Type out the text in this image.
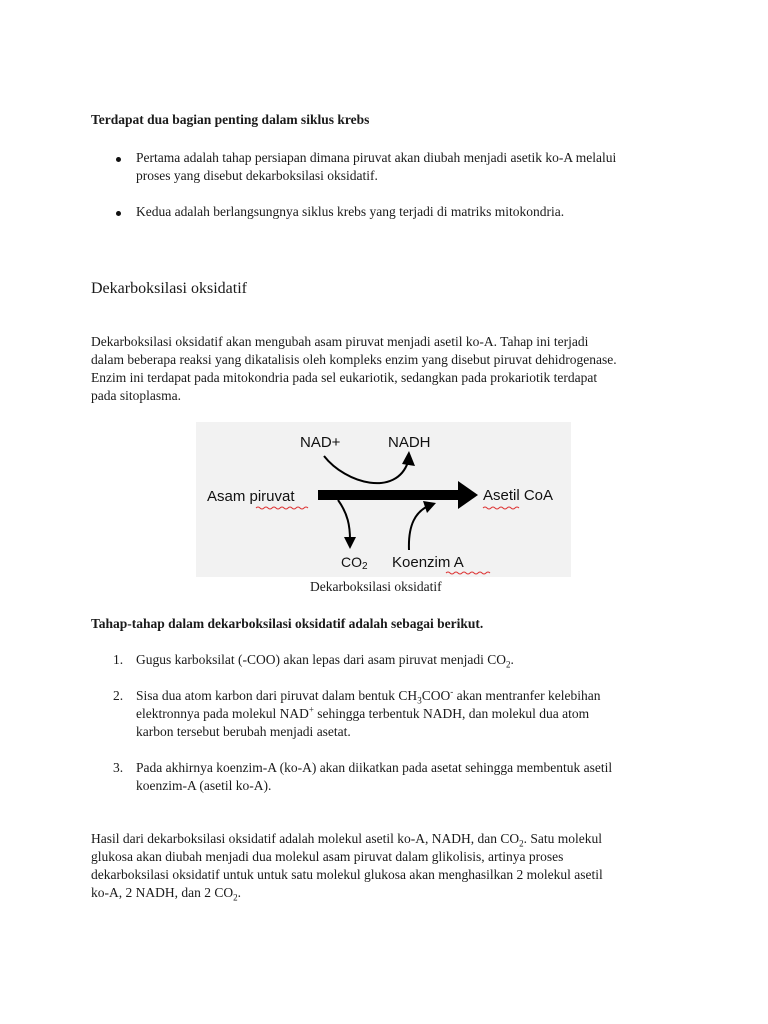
Terdapat dua bagian penting dalam siklus krebs
Pertama adalah tahap persiapan dimana piruvat akan diubah menjadi asetik ko-A melalui
proses yang disebut dekarboksilasi oksidatif.
Kedua adalah berlangsungnya siklus krebs yang terjadi di matriks mitokondria.
Dekarboksilasi oksidatif
Dekarboksilasi oksidatif akan mengubah asam piruvat menjadi asetil ko-A. Tahap ini terjadi
dalam beberapa reaksi yang dikatalisis oleh kompleks enzim yang disebut piruvat dehidrogenase.
Enzim ini terdapat pada mitokondria pada sel eukariotik, sedangkan pada prokariotik terdapat
pada sitoplasma.
NAD+	NADH
Asam piruvat	Asetil CoA
CO2 Koenzim A
Dekarboksilasi oksidatif
Tahap-tahap dalam dekarboksilasi oksidatif adalah sebagai berikut.
1. Gugus karboksilat (-COO) akan lepas dari asam piruvat menjadi $CO_2$.
2. Sisa dua atom karbon dari piruvat dalam bentuk $CH_3COO^-$ akan mentranfer kelebihan
elektronnya pada molekul NAD+ sehingga terbentuk NADH, dan molekul dua atom
karbon tersebut berubah menjadi asetat.
3. Pada akhirnya koenzim-A (ko-A) akan diikatkan pada asetat sehingga membentuk asetil
koenzim-A (asetil ko-A).
Hasil dari dekarboksilasi oksidatif adalah molekul asetil ko-A, NADH, dan $CO_2$. Satu molekul
glukosa akan diubah menjadi dua molekul asam piruvat dalam glikolisis, artinya proses
dekarboksilasi oksidatif untuk untuk satu molekul glukosa akan menghasilkan 2 molekul asetil
ko-A, 2 NADH, dan 2 $CO_2$.
